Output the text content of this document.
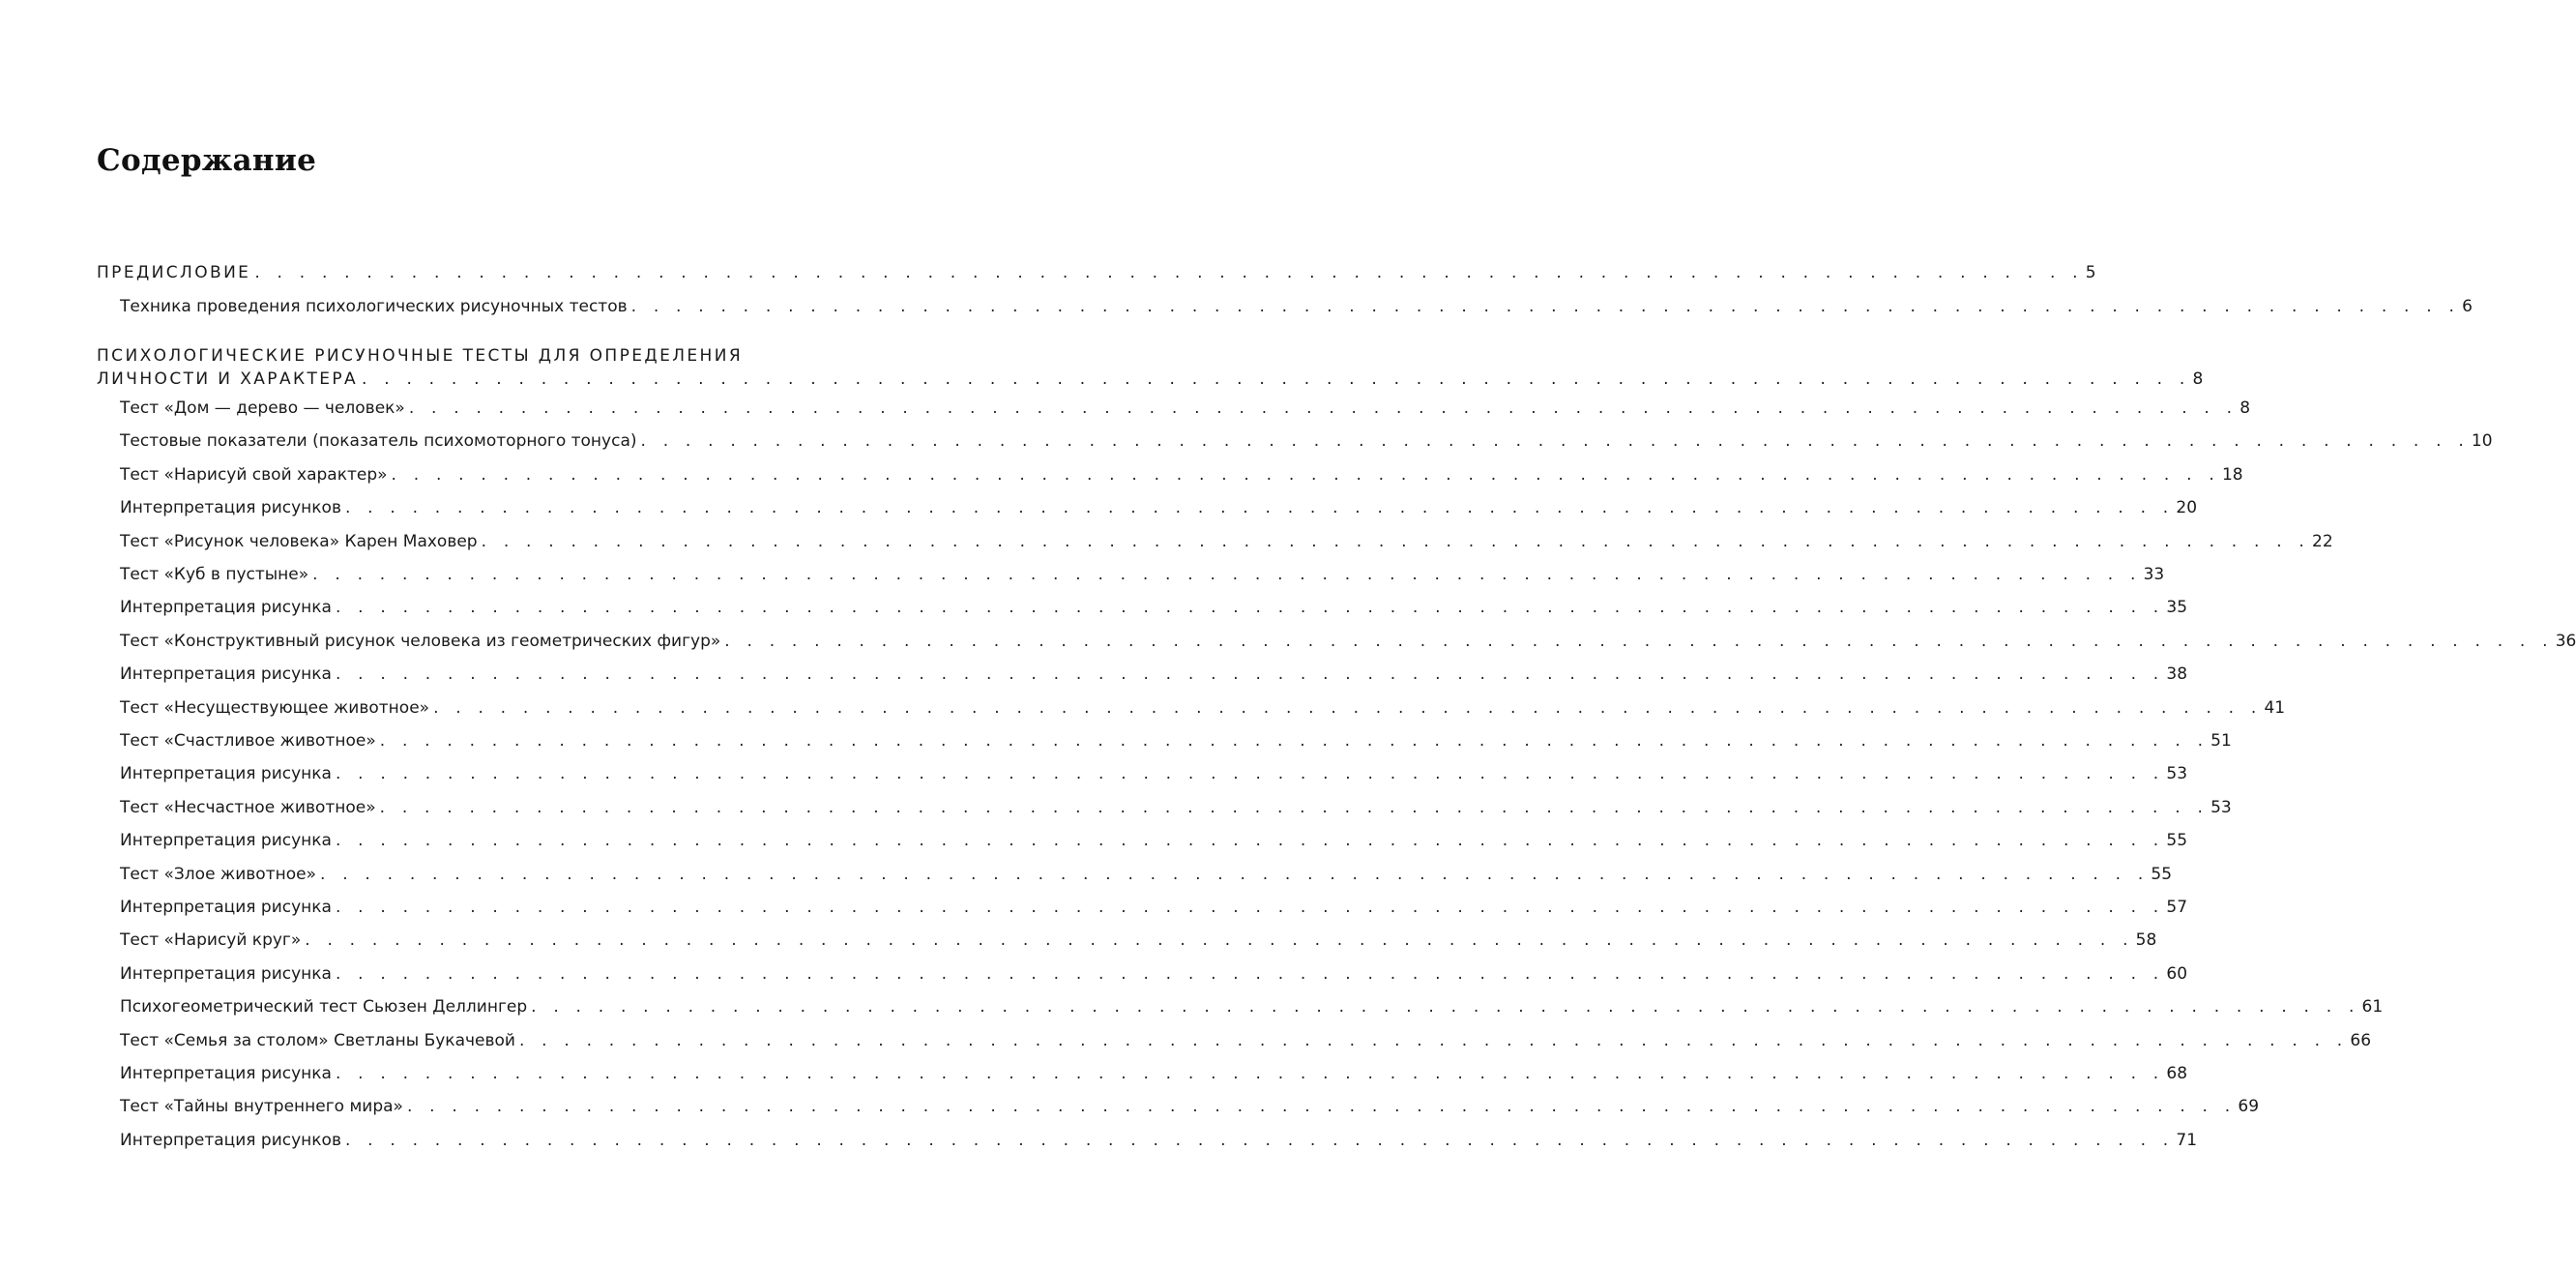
Содержание
ПРЕДИСЛОВИЕ . . . . . . . . . . . . . . . . . . . . . . . . . . . . . . . . . . . . . . . . . . . . . . . . . . . . . . . . . . . . . . . . . . . . . . . . . . . . . . . . . . 5
Техника проведения психологических рисуночных тестов . . . . . . . . . . . . . . . . . . . . . . . . . . . . . . . . . . . . . . . . . . . . . . . . . . . . . . . . . . . . . . . . . . . . . . . . . . . . . . . . . . 6
ПСИХОЛОГИЧЕСКИЕ РИСУНОЧНЫЕ ТЕСТЫ ДЛЯ ОПРЕДЕЛЕНИЯ
ЛИЧНОСТИ И ХАРАКТЕРА . . . . . . . . . . . . . . . . . . . . . . . . . . . . . . . . . . . . . . . . . . . . . . . . . . . . . . . . . . . . . . . . . . . . . . . . . . . . . . . . . . 8
Тест «Дом — дерево — человек» . . . . . . . . . . . . . . . . . . . . . . . . . . . . . . . . . . . . . . . . . . . . . . . . . . . . . . . . . . . . . . . . . . . . . . . . . . . . . . . . . . 8
Тестовые показатели (показатель психомоторного тонуса) . . . . . . . . . . . . . . . . . . . . . . . . . . . . . . . . . . . . . . . . . . . . . . . . . . . . . . . . . . . . . . . . . . . . . . . . . . . . . . . . . . 10
Тест «Нарисуй свой характер» . . . . . . . . . . . . . . . . . . . . . . . . . . . . . . . . . . . . . . . . . . . . . . . . . . . . . . . . . . . . . . . . . . . . . . . . . . . . . . . . . . 18
Интерпретация рисунков . . . . . . . . . . . . . . . . . . . . . . . . . . . . . . . . . . . . . . . . . . . . . . . . . . . . . . . . . . . . . . . . . . . . . . . . . . . . . . . . . . 20
Тест «Рисунок человека» Карен Маховер . . . . . . . . . . . . . . . . . . . . . . . . . . . . . . . . . . . . . . . . . . . . . . . . . . . . . . . . . . . . . . . . . . . . . . . . . . . . . . . . . . 22
Тест «Куб в пустыне» . . . . . . . . . . . . . . . . . . . . . . . . . . . . . . . . . . . . . . . . . . . . . . . . . . . . . . . . . . . . . . . . . . . . . . . . . . . . . . . . . . 33
Интерпретация рисунка . . . . . . . . . . . . . . . . . . . . . . . . . . . . . . . . . . . . . . . . . . . . . . . . . . . . . . . . . . . . . . . . . . . . . . . . . . . . . . . . . . 35
Тест «Конструктивный рисунок человека из геометрических фигур» . . . . . . . . . . . . . . . . . . . . . . . . . . . . . . . . . . . . . . . . . . . . . . . . . . . . . . . . . . . . . . . . . . . . . . . . . . . . . . . . . . 36
Интерпретация рисунка . . . . . . . . . . . . . . . . . . . . . . . . . . . . . . . . . . . . . . . . . . . . . . . . . . . . . . . . . . . . . . . . . . . . . . . . . . . . . . . . . . 38
Тест «Несуществующее животное» . . . . . . . . . . . . . . . . . . . . . . . . . . . . . . . . . . . . . . . . . . . . . . . . . . . . . . . . . . . . . . . . . . . . . . . . . . . . . . . . . . 41
Тест «Счастливое животное» . . . . . . . . . . . . . . . . . . . . . . . . . . . . . . . . . . . . . . . . . . . . . . . . . . . . . . . . . . . . . . . . . . . . . . . . . . . . . . . . . . 51
Интерпретация рисунка . . . . . . . . . . . . . . . . . . . . . . . . . . . . . . . . . . . . . . . . . . . . . . . . . . . . . . . . . . . . . . . . . . . . . . . . . . . . . . . . . . 53
Тест «Несчастное животное» . . . . . . . . . . . . . . . . . . . . . . . . . . . . . . . . . . . . . . . . . . . . . . . . . . . . . . . . . . . . . . . . . . . . . . . . . . . . . . . . . . 53
Интерпретация рисунка . . . . . . . . . . . . . . . . . . . . . . . . . . . . . . . . . . . . . . . . . . . . . . . . . . . . . . . . . . . . . . . . . . . . . . . . . . . . . . . . . . 55
Тест «Злое животное» . . . . . . . . . . . . . . . . . . . . . . . . . . . . . . . . . . . . . . . . . . . . . . . . . . . . . . . . . . . . . . . . . . . . . . . . . . . . . . . . . . 55
Интерпретация рисунка . . . . . . . . . . . . . . . . . . . . . . . . . . . . . . . . . . . . . . . . . . . . . . . . . . . . . . . . . . . . . . . . . . . . . . . . . . . . . . . . . . 57
Тест «Нарисуй круг» . . . . . . . . . . . . . . . . . . . . . . . . . . . . . . . . . . . . . . . . . . . . . . . . . . . . . . . . . . . . . . . . . . . . . . . . . . . . . . . . . . 58
Интерпретация рисунка . . . . . . . . . . . . . . . . . . . . . . . . . . . . . . . . . . . . . . . . . . . . . . . . . . . . . . . . . . . . . . . . . . . . . . . . . . . . . . . . . . 60
Психогеометрический тест Сьюзен Деллингер . . . . . . . . . . . . . . . . . . . . . . . . . . . . . . . . . . . . . . . . . . . . . . . . . . . . . . . . . . . . . . . . . . . . . . . . . . . . . . . . . . 61
Тест «Семья за столом» Светланы Букачевой . . . . . . . . . . . . . . . . . . . . . . . . . . . . . . . . . . . . . . . . . . . . . . . . . . . . . . . . . . . . . . . . . . . . . . . . . . . . . . . . . . 66
Интерпретация рисунка . . . . . . . . . . . . . . . . . . . . . . . . . . . . . . . . . . . . . . . . . . . . . . . . . . . . . . . . . . . . . . . . . . . . . . . . . . . . . . . . . . 68
Тест «Тайны внутреннего мира» . . . . . . . . . . . . . . . . . . . . . . . . . . . . . . . . . . . . . . . . . . . . . . . . . . . . . . . . . . . . . . . . . . . . . . . . . . . . . . . . . . 69
Интерпретация рисунков . . . . . . . . . . . . . . . . . . . . . . . . . . . . . . . . . . . . . . . . . . . . . . . . . . . . . . . . . . . . . . . . . . . . . . . . . . . . . . . . . . 71
